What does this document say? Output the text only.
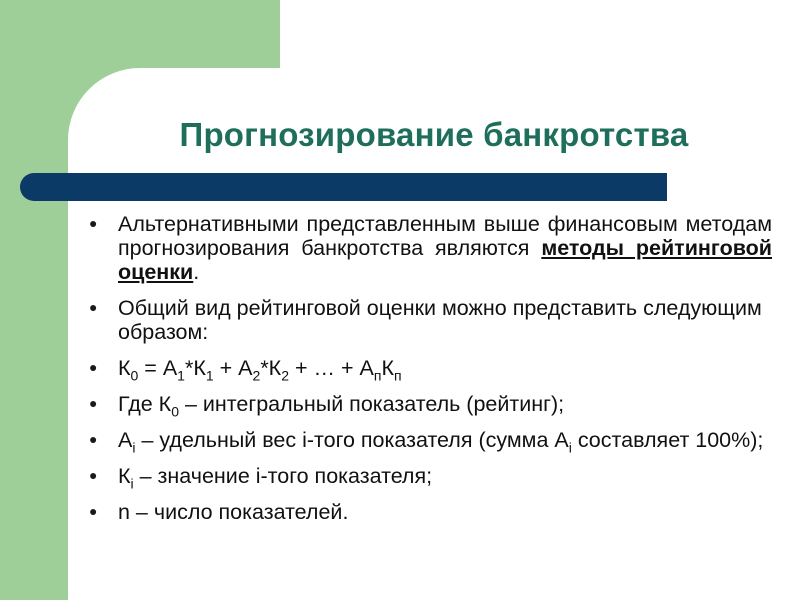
Прогнозирование банкротства
●
Альтернативными представленным выше финансовым методам прогнозирования банкротства являются методы рейтинговой оценки.
●
Общий вид рейтинговой оценки можно представить следующим образом:
●
$К_0 = А_1*К_1 + А_2*К_2$ + … + $А_пК_п$
●
Где $К_0$ – интегральный показатель (рейтинг);
●
$А_i$ – удельный вес i-того показателя (сумма $А_i$ составляет 100%);
●
$К_i$ – значение i-того показателя;
●
n – число показателей.
